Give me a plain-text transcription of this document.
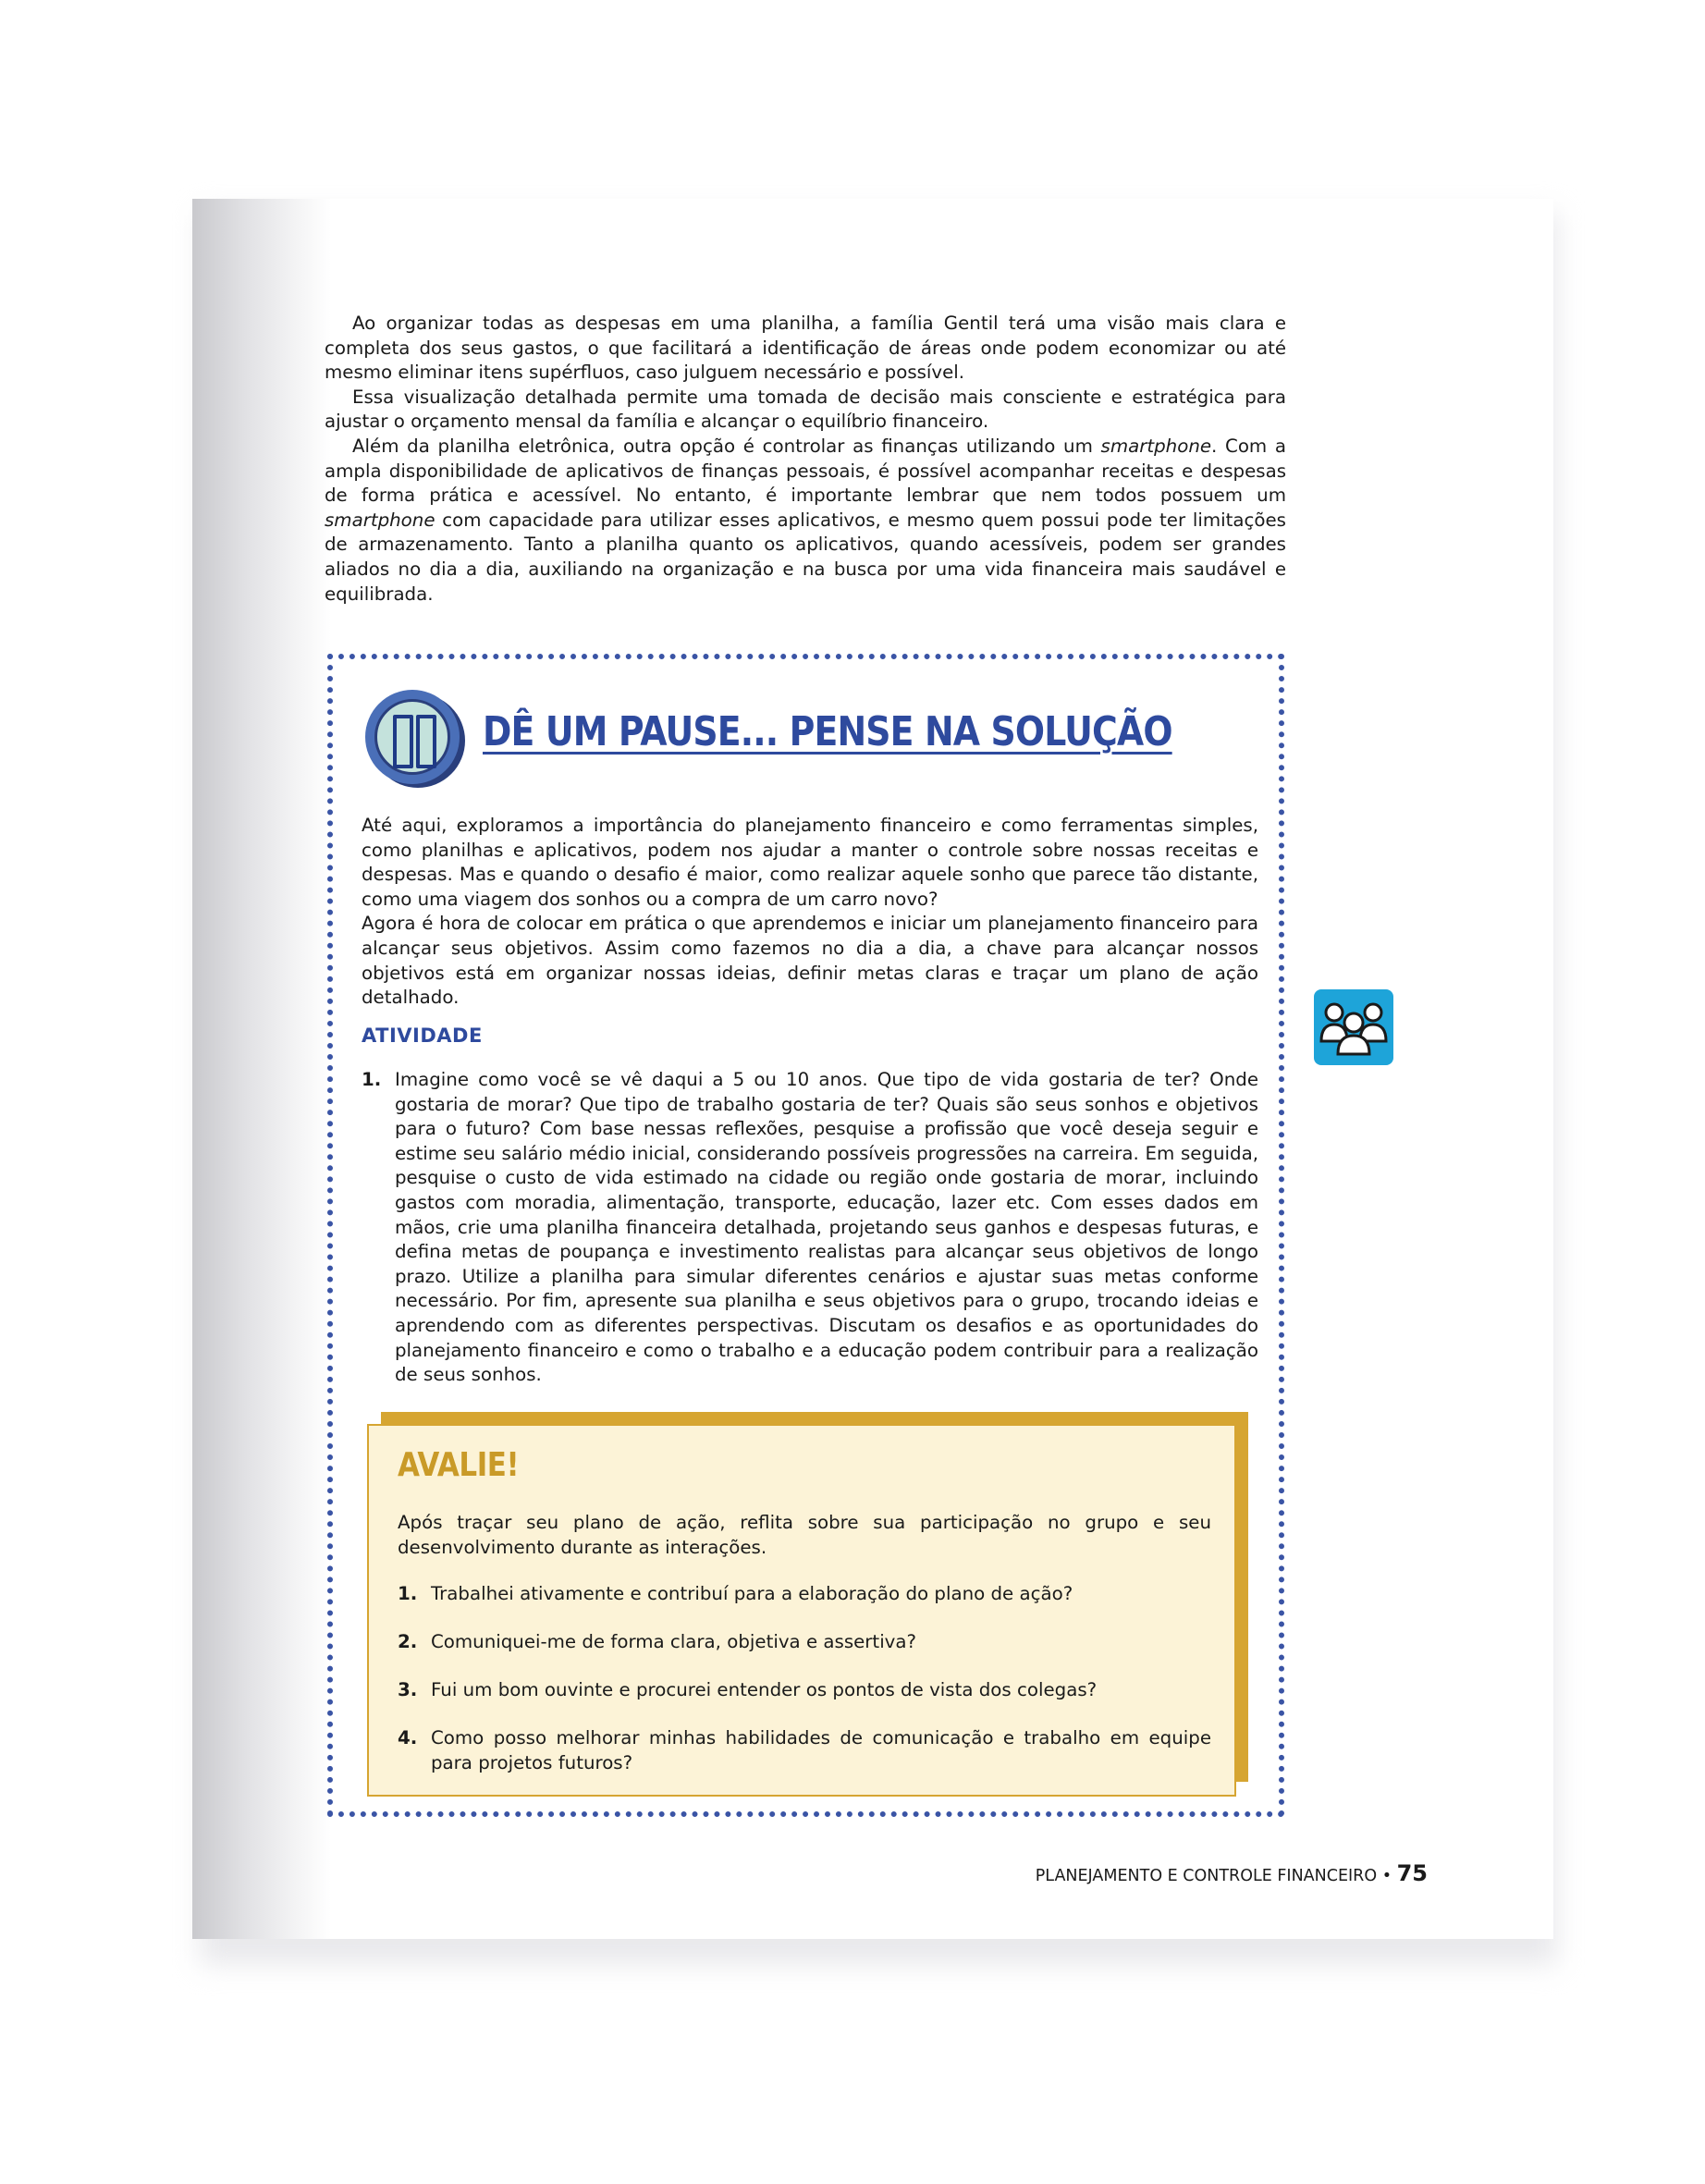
Ao organizar todas as despesas em uma planilha, a família Gentil terá uma visão mais clara e completa dos seus gastos, o que facilitará a identificação de áreas onde podem economizar ou até mesmo eliminar itens supérfluos, caso julguem necessário e possível.

Essa visualização detalhada permite uma tomada de decisão mais consciente e estratégica para ajustar o orçamento mensal da família e alcançar o equilíbrio financeiro.

Além da planilha eletrônica, outra opção é controlar as finanças utilizando um smartphone. Com a ampla disponibilidade de aplicativos de finanças pessoais, é possível acompanhar receitas e despesas de forma prática e acessível. No entanto, é importante lembrar que nem todos possuem um smartphone com capacidade para utilizar esses aplicativos, e mesmo quem possui pode ter limitações de armazenamento. Tanto a planilha quanto os aplicativos, quando acessíveis, podem ser grandes aliados no dia a dia, auxiliando na organização e na busca por uma vida financeira mais saudável e equilibrada.

DÊ UM PAUSE... PENSE NA SOLUÇÃO

Até aqui, exploramos a importância do planejamento financeiro e como ferramentas simples, como planilhas e aplicativos, podem nos ajudar a manter o controle sobre nossas receitas e despesas. Mas e quando o desafio é maior, como realizar aquele sonho que parece tão distante, como uma viagem dos sonhos ou a compra de um carro novo?

Agora é hora de colocar em prática o que aprendemos e iniciar um planejamento financeiro para alcançar seus objetivos. Assim como fazemos no dia a dia, a chave para alcançar nossos objetivos está em organizar nossas ideias, definir metas claras e traçar um plano de ação detalhado.

ATIVIDADE
1. Imagine como você se vê daqui a 5 ou 10 anos. Que tipo de vida gostaria de ter? Onde gostaria de morar? Que tipo de trabalho gostaria de ter? Quais são seus sonhos e objetivos para o futuro? Com base nessas reflexões, pesquise a profissão que você deseja seguir e estime seu salário médio inicial, considerando possíveis progressões na carreira. Em seguida, pesquise o custo de vida estimado na cidade ou região onde gostaria de morar, incluindo gastos com moradia, alimentação, transporte, educação, lazer etc. Com esses dados em mãos, crie uma planilha financeira detalhada, projetando seus ganhos e despesas futuras, e defina metas de poupança e investimento realistas para alcançar seus objetivos de longo prazo. Utilize a planilha para simular diferentes cenários e ajustar suas metas conforme necessário. Por fim, apresente sua planilha e seus objetivos para o grupo, trocando ideias e aprendendo com as diferentes perspectivas. Discutam os desafios e as oportunidades do planejamento financeiro e como o trabalho e a educação podem contribuir para a realização de seus sonhos.
AVALIE!
Após traçar seu plano de ação, reflita sobre sua participação no grupo e seu desenvolvimento durante as interações.
1. Trabalhei ativamente e contribuí para a elaboração do plano de ação?
2. Comuniquei-me de forma clara, objetiva e assertiva?
3. Fui um bom ouvinte e procurei entender os pontos de vista dos colegas?
4. Como posso melhorar minhas habilidades de comunicação e trabalho em equipe para projetos futuros?
PLANEJAMENTO E CONTROLE FINANCEIRO • 75
